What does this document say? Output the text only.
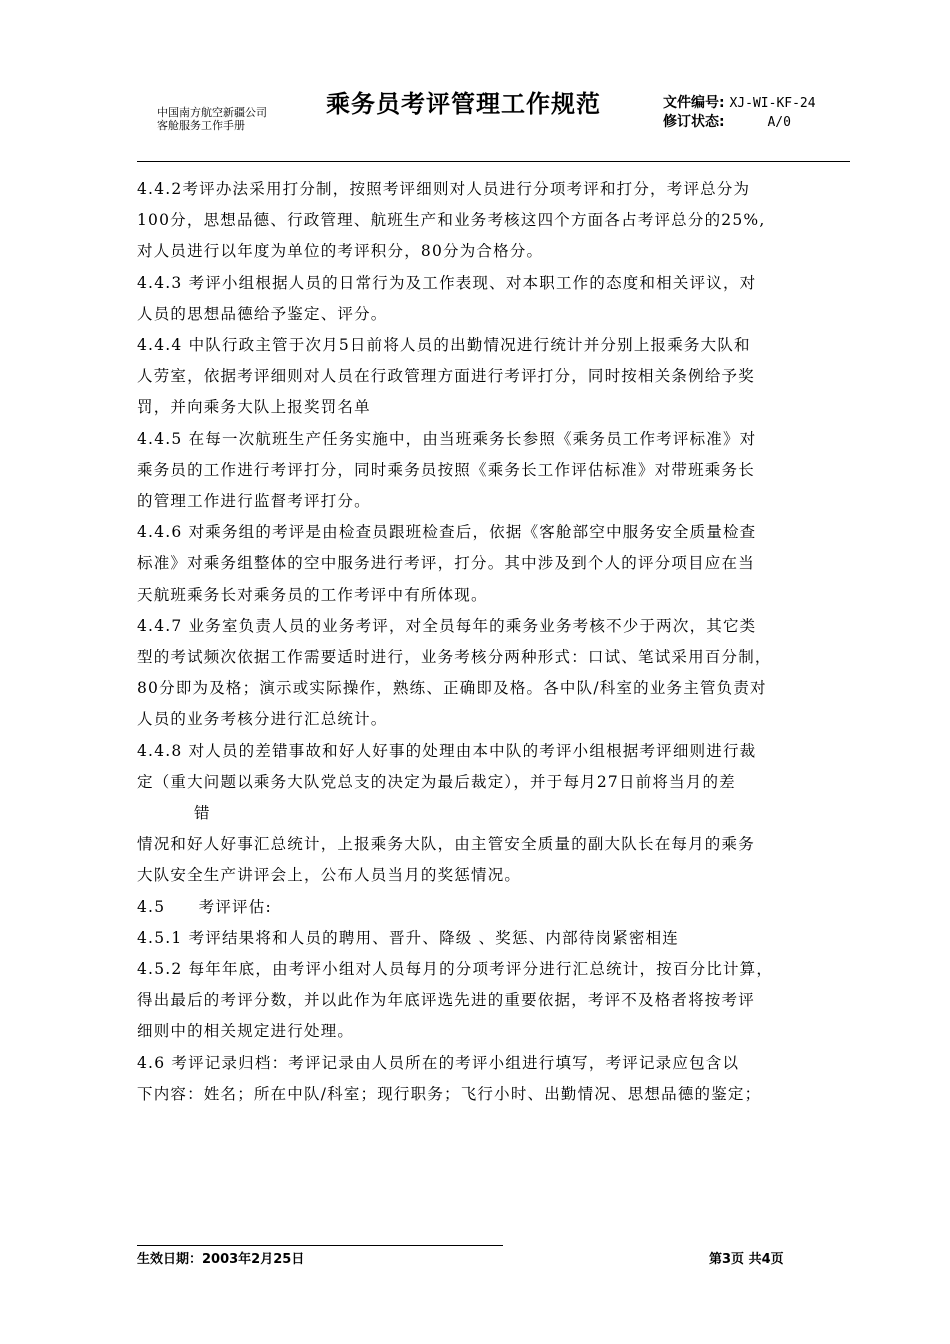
中国南方航空新疆公司
客舱服务工作手册
乘务员考评管理工作规范	文件编号: XJ-WI-KF-24
修订状态:	A/0

4.4.2考评办法采用打分制，按照考评细则对人员进行分项考评和打分，考评总分为

100分，思想品德、行政管理、航班生产和业务考核这四个方面各占考评总分的25%,

对人员进行以年度为单位的考评积分，80分为合格分。

4.4.3 考评小组根据人员的日常行为及工作表现、对本职工作的态度和相关评议，对

人员的思想品德给予鉴定、评分。

4.4.4 中队行政主管于次月5日前将人员的出勤情况进行统计并分别上报乘务大队和

人劳室，依据考评细则对人员在行政管理方面进行考评打分，同时按相关条例给予奖

罚，并向乘务大队上报奖罚名单

4.4.5 在每一次航班生产任务实施中，由当班乘务长参照《乘务员工作考评标准》对

乘务员的工作进行考评打分，同时乘务员按照《乘务长工作评估标准》对带班乘务长

的管理工作进行监督考评打分。

4.4.6 对乘务组的考评是由检查员跟班检查后，依据《客舱部空中服务安全质量检查

标准》对乘务组整体的空中服务进行考评，打分。其中涉及到个人的评分项目应在当

天航班乘务长对乘务员的工作考评中有所体现。

4.4.7 业务室负责人员的业务考评，对全员每年的乘务业务考核不少于两次，其它类

型的考试频次依据工作需要适时进行，业务考核分两种形式：口试、笔试采用百分制，

80分即为及格；演示或实际操作，熟练、正确即及格。各中队/科室的业务主管负责对

人员的业务考核分进行汇总统计。

4.4.8 对人员的差错事故和好人好事的处理由本中队的考评小组根据考评细则进行裁

定（重大问题以乘务大队党总支的决定为最后裁定），并于每月27日前将当月的差

错

情况和好人好事汇总统计，上报乘务大队，由主管安全质量的副大队长在每月的乘务

大队安全生产讲评会上，公布人员当月的奖惩情况。

4.5　　考评评估:

4.5.1 考评结果将和人员的聘用、晋升、降级 、奖惩、内部待岗紧密相连

4.5.2 每年年底，由考评小组对人员每月的分项考评分进行汇总统计，按百分比计算，

得出最后的考评分数，并以此作为年底评选先进的重要依据，考评不及格者将按考评

细则中的相关规定进行处理。

4.6 考评记录归档：考评记录由人员所在的考评小组进行填写，考评记录应包含以

下内容：姓名；所在中队/科室；现行职务；飞行小时、出勤情况、思想品德的鉴定；

生效日期：2003年2月25日	第3页 共4页
